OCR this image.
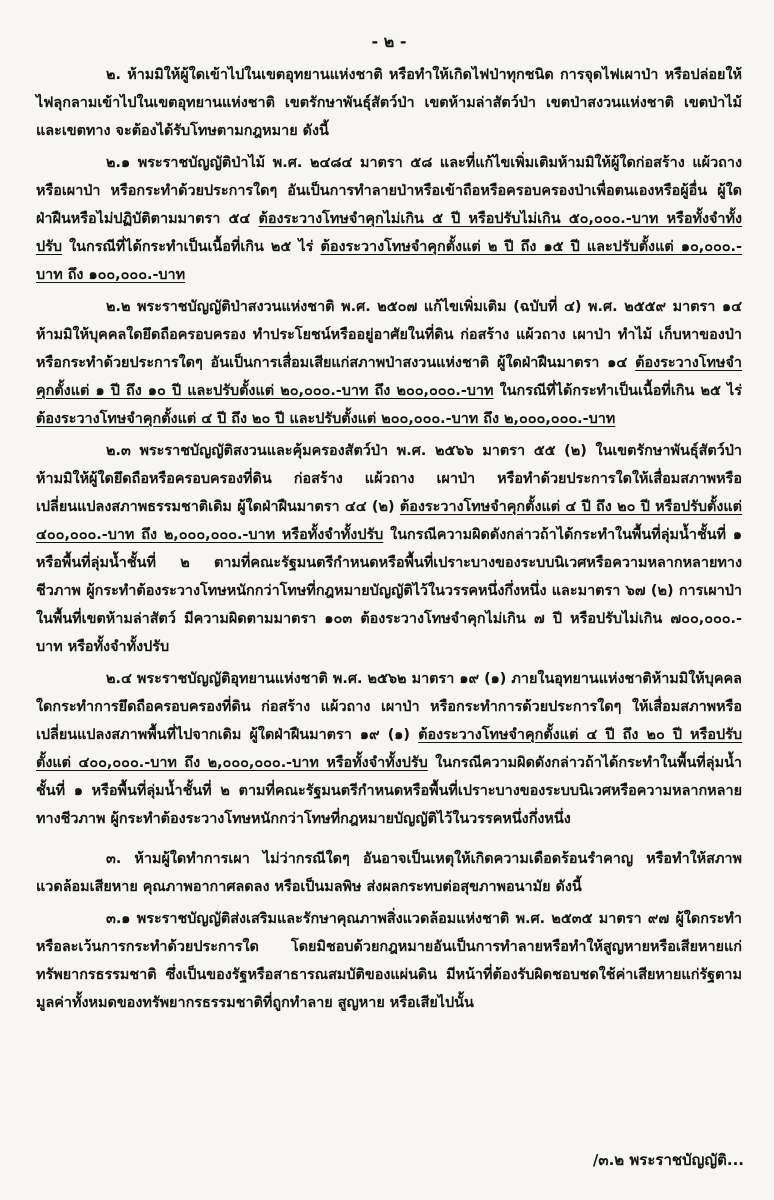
- ๒ -

๒. ห้ามมิให้ผู้ใดเข้าไปในเขตอุทยานแห่งชาติ หรือทำให้เกิดไฟป่าทุกชนิด การจุดไฟเผาป่า หรือปล่อยให้ไฟลุกลามเข้าไปในเขตอุทยานแห่งชาติ เขตรักษาพันธุ์สัตว์ป่า เขตห้ามล่าสัตว์ป่า เขตป่าสงวนแห่งชาติ เขตป่าไม้ และเขตทาง จะต้องได้รับโทษตามกฎหมาย ดังนี้

๒.๑ พระราชบัญญัติป่าไม้ พ.ศ. ๒๔๘๔ มาตรา ๕๘ และที่แก้ไขเพิ่มเติมห้ามมิให้ผู้ใดก่อสร้าง แผ้วถางหรือเผาป่า หรือกระทำด้วยประการใดๆ อันเป็นการทำลายป่าหรือเข้าถือหรือครอบครองป่าเพื่อตนเองหรือผู้อื่น ผู้ใดฝ่าฝืนหรือไม่ปฏิบัติตามมาตรา ๕๔ ต้องระวางโทษจำคุกไม่เกิน ๕ ปี หรือปรับไม่เกิน ๕๐,๐๐๐.-บาท หรือทั้งจำทั้งปรับ ในกรณีที่ได้กระทำเป็นเนื้อที่เกิน ๒๕ ไร่ ต้องระวางโทษจำคุกตั้งแต่ ๒ ปี ถึง ๑๕ ปี และปรับตั้งแต่ ๑๐,๐๐๐.-บาท ถึง ๑๐๐,๐๐๐.-บาท

๒.๒ พระราชบัญญัติป่าสงวนแห่งชาติ พ.ศ. ๒๕๐๗ แก้ไขเพิ่มเติม (ฉบับที่ ๔) พ.ศ. ๒๕๕๙ มาตรา ๑๔ ห้ามมิให้บุคคลใดยึดถือครอบครอง ทำประโยชน์หรืออยู่อาศัยในที่ดิน ก่อสร้าง แผ้วถาง เผาป่า ทำไม้ เก็บหาของป่า หรือกระทำด้วยประการใดๆ อันเป็นการเสื่อมเสียแก่สภาพป่าสงวนแห่งชาติ ผู้ใดฝ่าฝืนมาตรา ๑๔ ต้องระวางโทษจำคุกตั้งแต่ ๑ ปี ถึง ๑๐ ปี และปรับตั้งแต่ ๒๐,๐๐๐.-บาท ถึง ๒๐๐,๐๐๐.-บาท ในกรณีที่ได้กระทำเป็นเนื้อที่เกิน ๒๕ ไร่ ต้องระวางโทษจำคุกตั้งแต่ ๔ ปี ถึง ๒๐ ปี และปรับตั้งแต่ ๒๐๐,๐๐๐.-บาท ถึง ๒,๐๐๐,๐๐๐.-บาท

๒.๓ พระราชบัญญัติสงวนและคุ้มครองสัตว์ป่า พ.ศ. ๒๕๖๖ มาตรา ๕๕ (๒) ในเขตรักษาพันธุ์สัตว์ป่า ห้ามมิให้ผู้ใดยึดถือหรือครอบครองที่ดิน ก่อสร้าง แผ้วถาง เผาป่า หรือทำด้วยประการใดให้เสื่อมสภาพหรือเปลี่ยนแปลงสภาพธรรมชาติเดิม ผู้ใดฝ่าฝืนมาตรา ๔๔ (๒) ต้องระวางโทษจำคุกตั้งแต่ ๔ ปี ถึง ๒๐ ปี หรือปรับตั้งแต่ ๔๐๐,๐๐๐.-บาท ถึง ๒,๐๐๐,๐๐๐.-บาท หรือทั้งจำทั้งปรับ ในกรณีความผิดดังกล่าวถ้าได้กระทำในพื้นที่ลุ่มน้ำชั้นที่ ๑ หรือพื้นที่ลุ่มน้ำชั้นที่ ๒ ตามที่คณะรัฐมนตรีกำหนดหรือพื้นที่เปราะบางของระบบนิเวศหรือความหลากหลายทางชีวภาพ ผู้กระทำต้องระวางโทษหนักกว่าโทษที่กฎหมายบัญญัติไว้ในวรรคหนึ่งกึ่งหนึ่ง และมาตรา ๖๗ (๒) การเผาป่าในพื้นที่เขตห้ามล่าสัตว์ มีความผิดตามมาตรา ๑๐๓ ต้องระวางโทษจำคุกไม่เกิน ๗ ปี หรือปรับไม่เกิน ๗๐๐,๐๐๐.-บาท หรือทั้งจำทั้งปรับ

๒.๔ พระราชบัญญัติอุทยานแห่งชาติ พ.ศ. ๒๕๖๒ มาตรา ๑๙ (๑) ภายในอุทยานแห่งชาติห้ามมิให้บุคคลใดกระทำการยึดถือครอบครองที่ดิน ก่อสร้าง แผ้วถาง เผาป่า หรือกระทำการด้วยประการใดๆ ให้เสื่อมสภาพหรือเปลี่ยนแปลงสภาพพื้นที่ไปจากเดิม ผู้ใดฝ่าฝืนมาตรา ๑๙ (๑) ต้องระวางโทษจำคุกตั้งแต่ ๔ ปี ถึง ๒๐ ปี หรือปรับตั้งแต่ ๔๐๐,๐๐๐.-บาท ถึง ๒,๐๐๐,๐๐๐.-บาท หรือทั้งจำทั้งปรับ ในกรณีความผิดดังกล่าวถ้าได้กระทำในพื้นที่ลุ่มน้ำชั้นที่ ๑ หรือพื้นที่ลุ่มน้ำชั้นที่ ๒ ตามที่คณะรัฐมนตรีกำหนดหรือพื้นที่เปราะบางของระบบนิเวศหรือความหลากหลายทางชีวภาพ ผู้กระทำต้องระวางโทษหนักกว่าโทษที่กฎหมายบัญญัติไว้ในวรรคหนึ่งกึ่งหนึ่ง

๓. ห้ามผู้ใดทำการเผา ไม่ว่ากรณีใดๆ อันอาจเป็นเหตุให้เกิดความเดือดร้อนรำคาญ หรือทำให้สภาพแวดล้อมเสียหาย คุณภาพอากาศลดลง หรือเป็นมลพิษ ส่งผลกระทบต่อสุขภาพอนามัย ดังนี้

๓.๑ พระราชบัญญัติส่งเสริมและรักษาคุณภาพสิ่งแวดล้อมแห่งชาติ พ.ศ. ๒๕๓๕ มาตรา ๙๗ ผู้ใดกระทำหรือละเว้นการกระทำด้วยประการใด โดยมิชอบด้วยกฎหมายอันเป็นการทำลายหรือทำให้สูญหายหรือเสียหายแก่ทรัพยากรธรรมชาติ ซึ่งเป็นของรัฐหรือสาธารณสมบัติของแผ่นดิน มีหน้าที่ต้องรับผิดชอบชดใช้ค่าเสียหายแก่รัฐตามมูลค่าทั้งหมดของทรัพยากรธรรมชาติที่ถูกทำลาย สูญหาย หรือเสียไปนั้น

/๓.๒ พระราชบัญญัติ...
